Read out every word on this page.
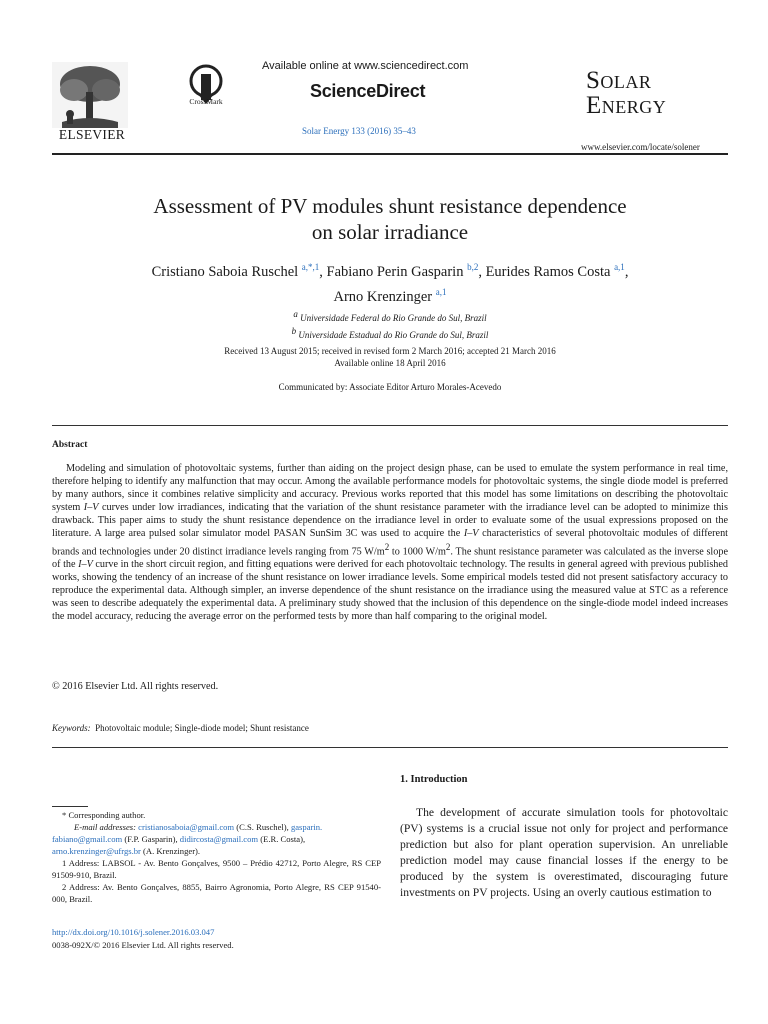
ELSEVIER
CrossMark
Available online at www.sciencedirect.com
ScienceDirect
Solar Energy 133 (2016) 35–43
Solar
Energy
www.elsevier.com/locate/solener
Assessment of PV modules shunt resistance dependence
on solar irradiance
Cristiano Saboia Ruschel $^{a,*,1}$, Fabiano Perin Gasparin $^{b,2}$, Eurides Ramos Costa $^{a,1}$,
Arno Krenzinger $^{a,1}$
$^a$ Universidade Federal do Rio Grande do Sul, Brazil
$^b$ Universidade Estadual do Rio Grande do Sul, Brazil
Received 13 August 2015; received in revised form 2 March 2016; accepted 21 March 2016
Available online 18 April 2016
Communicated by: Associate Editor Arturo Morales-Acevedo
Abstract

Modeling and simulation of photovoltaic systems, further than aiding on the project design phase, can be used to emulate the system performance in real time, therefore helping to identify any malfunction that may occur. Among the available performance models for photovoltaic systems, the single diode model is preferred by many authors, since it combines relative simplicity and accuracy. Previous works reported that this model has some limitations on describing the photovoltaic system I–V curves under low irradiances, indicating that the variation of the shunt resistance parameter with the irradiance level can be adopted to minimize this drawback. This paper aims to study the shunt resistance dependence on the irradiance level in order to evaluate some of the usual expressions proposed on the literature. A large area pulsed solar simulator model PASAN SunSim 3C was used to acquire the I–V characteristics of several photovoltaic modules of different brands and technologies under 20 distinct irradiance levels ranging from 75 $W/m^2$ to 1000 $W/m^2$. The shunt resistance parameter was calculated as the inverse slope of the I–V curve in the short circuit region, and fitting equations were derived for each photovoltaic technology. The results in general agreed with previous published works, showing the tendency of an increase of the shunt resistance on lower irradiance levels. Some empirical models tested did not present satisfactory accuracy to reproduce the experimental data. Although simpler, an inverse dependence of the shunt resistance on the irradiance using the measured value at STC as a reference was seen to describe adequately the experimental data. A preliminary study showed that the inclusion of this dependence on the single-diode model indeed increases the model accuracy, reducing the average error on the performed tests by more than half comparing to the original model.

© 2016 Elsevier Ltd. All rights reserved.
Keywords: Photovoltaic module; Single-diode model; Shunt resistance

* Corresponding author.

E-mail addresses: cristianosaboia@gmail.com (C.S. Ruschel), gasparin.
fabiano@gmail.com (F.P. Gasparin), didircosta@gmail.com (E.R. Costa),
arno.krenzinger@ufrgs.br (A. Krenzinger).

1 Address: LABSOL - Av. Bento Gonçalves, 9500 – Prédio 42712, Porto Alegre, RS CEP 91509-910, Brazil.

2 Address: Av. Bento Gonçalves, 8855, Bairro Agronomia, Porto Alegre, RS CEP 91540-000, Brazil.

http://dx.doi.org/10.1016/j.solener.2016.03.047
0038-092X/© 2016 Elsevier Ltd. All rights reserved.
1. Introduction

The development of accurate simulation tools for photovoltaic (PV) systems is a crucial issue not only for project and performance prediction but also for plant operation supervision. An unreliable prediction model may cause financial losses if the energy to be produced by the system is overestimated, discouraging future investments on PV projects. Using an overly cautious estimation to
